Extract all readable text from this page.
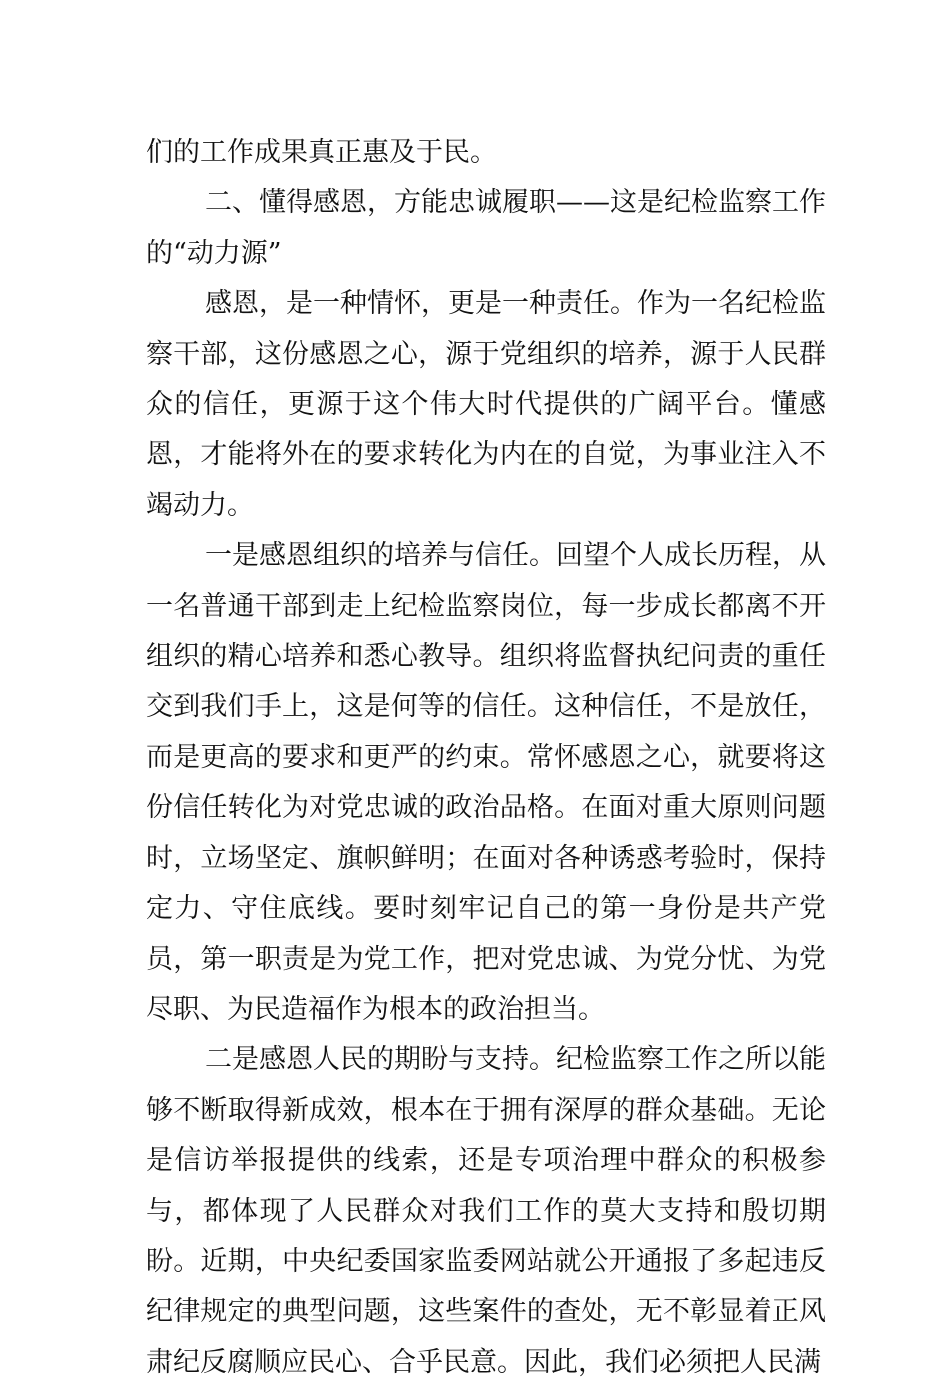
们的工作成果真正惠及于民。

二、懂得感恩，方能忠诚履职——这是纪检监察工作的“动力源”

感恩，是一种情怀，更是一种责任。作为一名纪检监察干部，这份感恩之心，源于党组织的培养，源于人民群众的信任，更源于这个伟大时代提供的广阔平台。懂感恩，才能将外在的要求转化为内在的自觉，为事业注入不竭动力。

一是感恩组织的培养与信任。回望个人成长历程，从一名普通干部到走上纪检监察岗位，每一步成长都离不开组织的精心培养和悉心教导。组织将监督执纪问责的重任交到我们手上，这是何等的信任。这种信任，不是放任，而是更高的要求和更严的约束。常怀感恩之心，就要将这份信任转化为对党忠诚的政治品格。在面对重大原则问题时，立场坚定、旗帜鲜明；在面对各种诱惑考验时，保持定力、守住底线。要时刻牢记自己的第一身份是共产党员，第一职责是为党工作，把对党忠诚、为党分忧、为党尽职、为民造福作为根本的政治担当。

二是感恩人民的期盼与支持。纪检监察工作之所以能够不断取得新成效，根本在于拥有深厚的群众基础。无论是信访举报提供的线索，还是专项治理中群众的积极参与，都体现了人民群众对我们工作的莫大支持和殷切期盼。近期，中央纪委国家监委网站就公开通报了多起违反纪律规定的典型问题，这些案件的查处，无不彰显着正风肃纪反腐顺应民心、合乎民意。因此，我们必须把人民满
